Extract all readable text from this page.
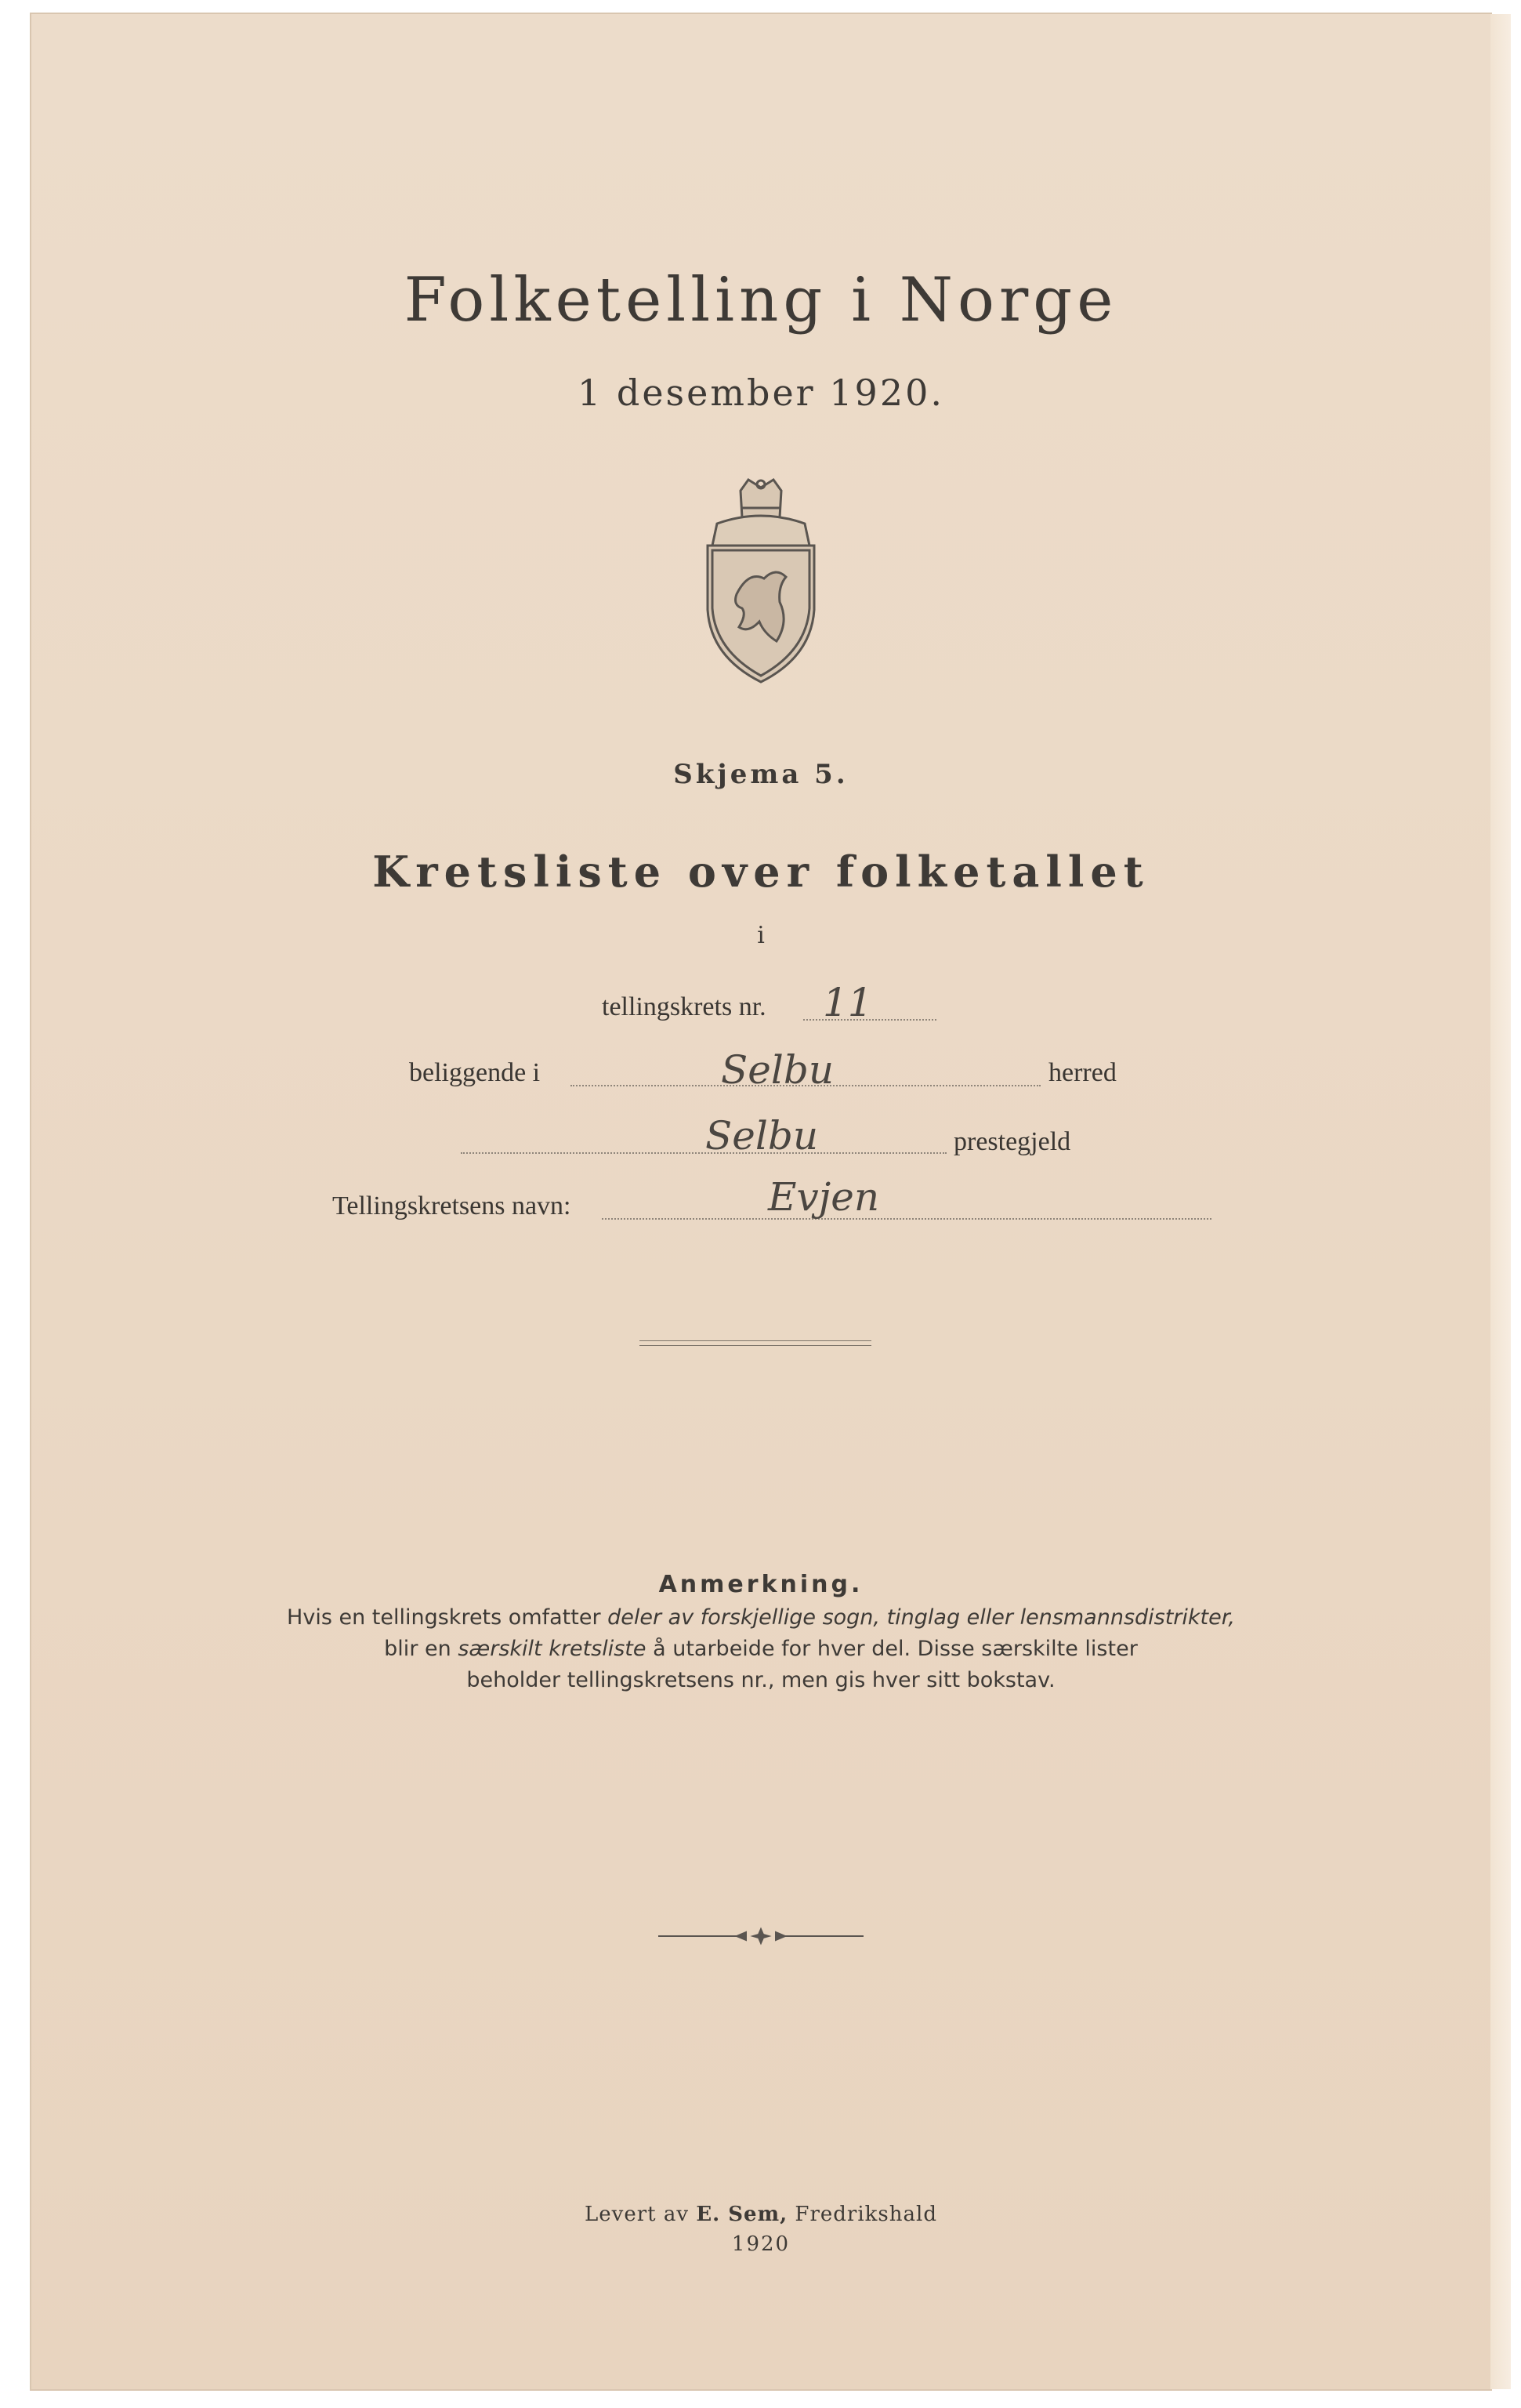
Folketelling i Norge
1 desember 1920.
Skjema 5.
Kretsliste over folketallet
i
tellingskrets nr. 11
beliggende i	Selbu	herred
Selbu	prestegjeld
Tellingskretsens navn:	Evjen
Anmerkning.
Hvis en tellingskrets omfatter deler av forskjellige sogn, tinglag eller lensmannsdistrikter,
blir en særskilt kretsliste å utarbeide for hver del. Disse særskilte lister
beholder tellingskretsens nr., men gis hver sitt bokstav.
Levert av E. Sem, Fredrikshald
1920
